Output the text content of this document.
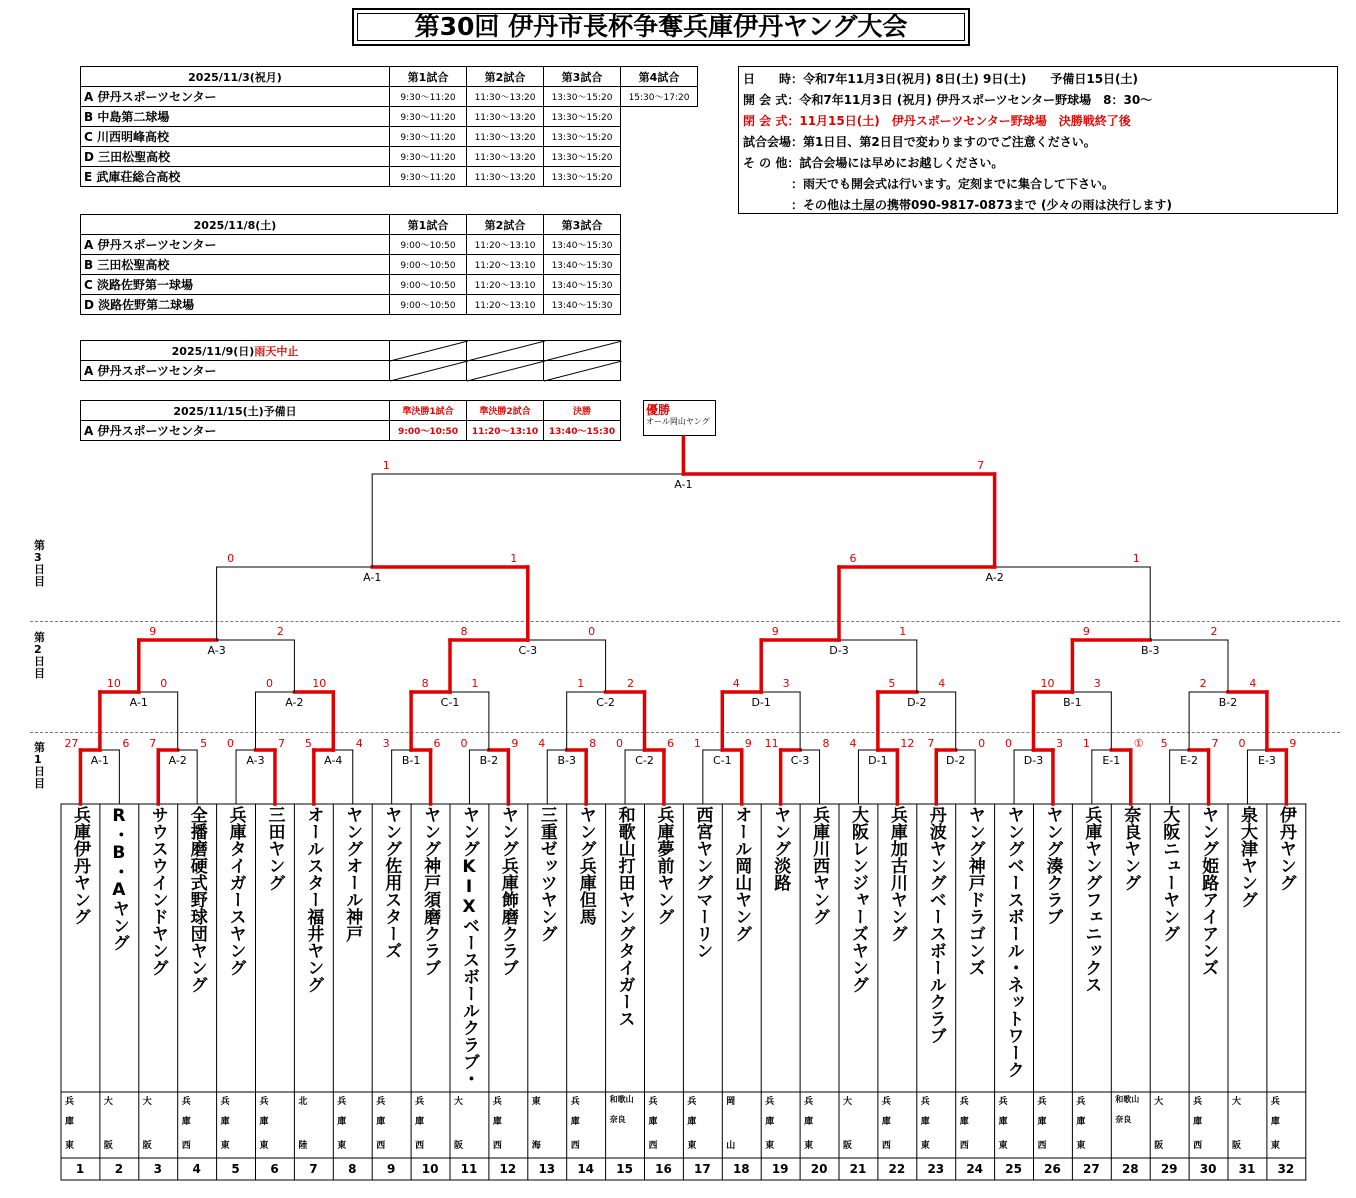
第30回 伊丹市長杯争奪兵庫伊丹ヤング大会
2025/11/3(祝月)	第1試合	第2試合	第3試合	第4試合
A 伊丹スポーツセンター	9:30～11:20	11:30～13:20	13:30～15:20	15:30～17:20
B 中島第二球場	9:30～11:20	11:30～13:20	13:30～15:20	
C 川西明峰高校	9:30～11:20	11:30～13:20	13:30～15:20	
D 三田松聖高校	9:30～11:20	11:30～13:20	13:30～15:20	
E 武庫荘総合高校	9:30～11:20	11:30～13:20	13:30～15:20	
2025/11/8(土)	第1試合	第2試合	第3試合
A 伊丹スポーツセンター	9:00～10:50	11:20～13:10	13:40～15:30
B 三田松聖高校	9:00～10:50	11:20～13:10	13:40～15:30
C 淡路佐野第一球場	9:00～10:50	11:20～13:10	13:40～15:30
D 淡路佐野第二球場	9:00～10:50	11:20～13:10	13:40～15:30
2025/11/9(日)雨天中止	

A 伊丹スポーツセンター	

2025/11/15(土)予備日	準決勝1試合	準決勝2試合	決勝
A 伊丹スポーツセンター	9:00～10:50	11:20～13:10	13:40～15:30
日　　時：令和7年11月3日(祝月) 8日(土) 9日(土)　　予備日15日(土)
開 会 式：令和7年11月3日 (祝月) 伊丹スポーツセンター野球場　8：30～
閉 会 式：11月15日(土)　伊丹スポーツセンター野球場　決勝戦終了後
試合会場：第1日目、第2日目で変わりますのでご注意ください。
そ の 他：試合会場には早めにお越しください。
　　　　：雨天でも開会式は行います。定刻までに集合して下さい。
　　　　：その他は土屋の携帯090-9817-0873まで (少々の雨は決行します)
優勝
オール岡山ヤング
第3日目
第2日目
第1日目
27	6
A-1
7	5
A-2
0	7
A-3
5	4
A-4
3	6
B-1
0	9
B-2
4	8
B-3
0	6
C-2
1	9
C-1
11	8
C-3
4	12
D-1
7	0
D-2
0	3
D-3
1	①
E-1
5	7
E-2
0	9
E-3
10	0
A-1
0	10
A-2
8	1
C-1
1	2
C-2
4	3
D-1
5	4
D-2
10	3
B-1
2	4
B-2
9	2
A-3
8	0
C-3
9	1
D-3
9	2
B-3
0	1
A-1
6	1
A-2
1	7
A-1
兵庫伊丹ヤング
兵
庫
東
1
R・B・Aヤング
大
阪
2
サウスウインドヤング
大
阪
3
全播磨硬式野球団ヤング
兵
庫
西
4
兵庫タイガースヤング
兵
庫
東
5
三田ヤング
兵
庫
東
6
オールスター福井ヤング
北
陸
7
ヤングオール神戸
兵
庫
東
8
ヤング佐用スターズ
兵
庫
西
9
ヤング神戸須磨クラブ
兵
庫
西
10
ヤングKIXベースボールクラブ・
大
阪
11
ヤング兵庫飾磨クラブ
兵
庫
西
12
三重ゼッツヤング
東
海
13
ヤング兵庫但馬
兵
庫
西
14
和歌山打田ヤングタイガース
和歌山
奈良
15
兵庫夢前ヤング
兵
庫
西
16
西宮ヤングマーリン
兵
庫
東
17
オール岡山ヤング
岡
山
18
ヤング淡路
兵
庫
東
19
兵庫川西ヤング
兵
庫
東
20
大阪レンジャーズヤング
大
阪
21
兵庫加古川ヤング
兵
庫
西
22
丹波ヤングベースボールクラブ
兵
庫
東
23
ヤング神戸ドラゴンズ
兵
庫
西
24
ヤングベースボール・ネットワーク
兵
庫
東
25
ヤング湊クラブ
兵
庫
西
26
兵庫ヤングフェニックス
兵
庫
東
27
奈良ヤング
和歌山
奈良
28
大阪ニューヤング
大
阪
29
ヤング姫路アイアンズ
兵
庫
西
30
泉大津ヤング
大
阪
31
伊丹ヤング
兵
庫
東
32
